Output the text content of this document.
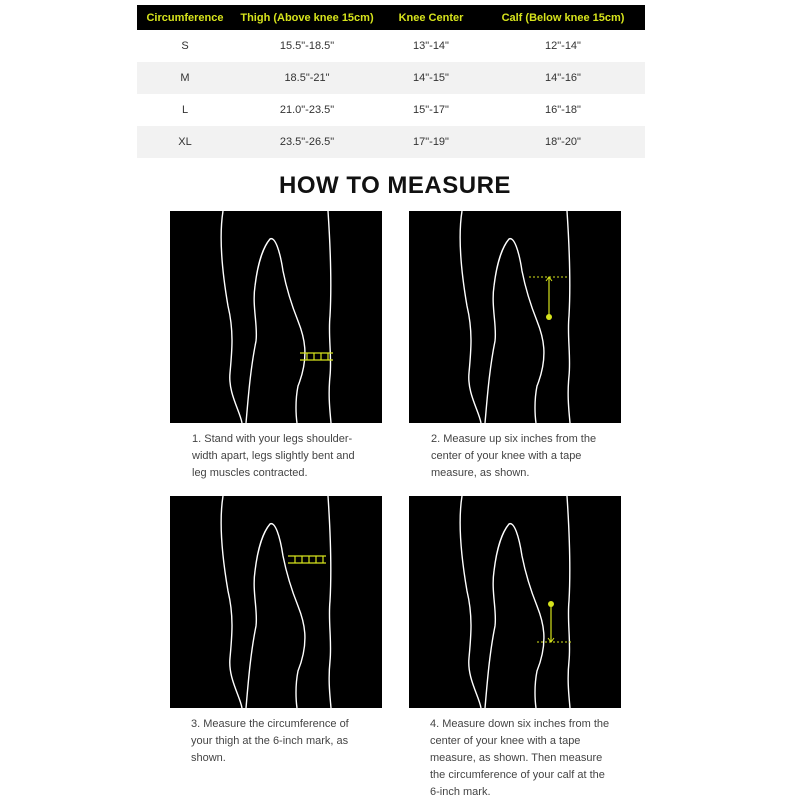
Circumference	Thigh (Above knee 15cm)	Knee Center	Calf (Below knee 15cm)
S	15.5"-18.5"	13"-14"	12"-14"
M	18.5"-21"	14"-15"	14"-16"
L	21.0"-23.5"	15"-17"	16"-18"
XL	23.5"-26.5"	17"-19"	18"-20"
HOW TO MEASURE
1. Stand with your legs shoulder-width apart, legs slightly bent and leg muscles contracted.
2. Measure up six inches from the center of your knee with a tape measure, as shown.
3. Measure the circumference of your thigh at the 6-inch mark, as shown.
4. Measure down six inches from the center of your knee with a tape measure, as shown. Then measure the circumference of your calf at the 6-inch mark.
